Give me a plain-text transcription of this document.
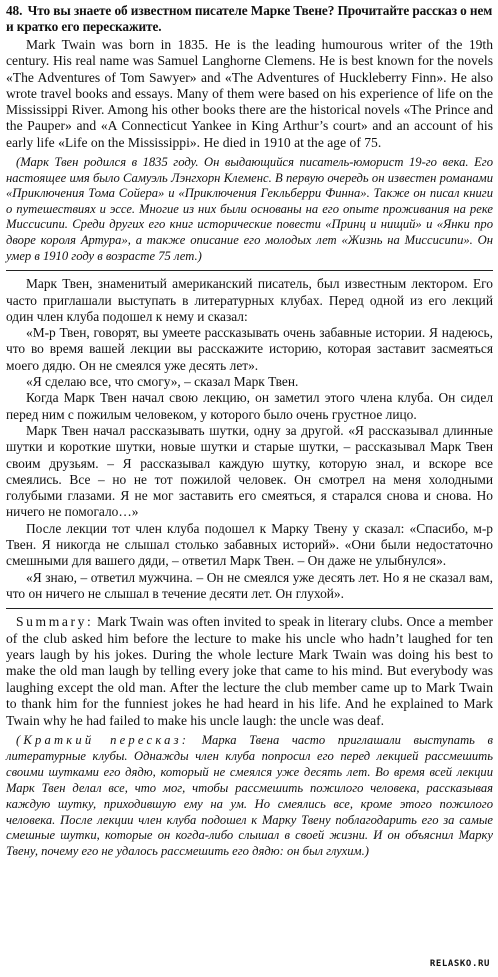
48. Что вы знаете об известном писателе Марке Твене? Прочитайте рассказ о нем и кратко его перескажите.

Mark Twain was born in 1835. He is the leading humourous writer of the 19th century. His real name was Samuel Langhorne Clemens. He is best known for the novels «The Adventures of Tom Sawyer» and «The Adventures of Huckleberry Finn». He also wrote travel books and essays. Many of them were based on his experience of life on the Mississippi River. Among his other books there are the historical novels «The Prince and the Pauper» and «A Connecticut Yankee in King Arthur’s court» and an account of his early life «Life on the Mississippi». He died in 1910 at the age of 75.

(Марк Твен родился в 1835 году. Он выдающийся писатель-юморист 19-го века. Его настоящее имя было Самуэль Лэнгхорн Клеменс. В первую очередь он известен романами «Приключения Тома Сойера» и «Приключения Гекльберри Финна». Также он писал книги о путешествиях и эссе. Многие из них были основаны на его опыте проживания на реке Миссисипи. Среди других его книг исторические повести «Принц и нищий» и «Янки про дворе короля Артура», а также описание его молодых лет «Жизнь на Миссисипи». Он умер в 1910 году в возрасте 75 лет.)

Марк Твен, знаменитый американский писатель, был известным лектором. Его часто приглашали выступать в литературных клубах. Перед одной из его лекций один член клуба подошел к нему и сказал:

«М-р Твен, говорят, вы умеете рассказывать очень забавные истории. Я надеюсь, что во время вашей лекции вы расскажите историю, которая заставит засмеяться моего дядю. Он не смеялся уже десять лет».

«Я сделаю все, что смогу», – сказал Марк Твен.

Когда Марк Твен начал свою лекцию, он заметил этого члена клуба. Он сидел перед ним с пожилым человеком, у которого было очень грустное лицо.

Марк Твен начал рассказывать шутки, одну за другой. «Я рассказывал длинные шутки и короткие шутки, новые шутки и старые шутки, – рассказывал Марк Твен своим друзьям. – Я рассказывал каждую шутку, которую знал, и вскоре все смеялись. Все – но не тот пожилой человек. Он смотрел на меня холодными голубыми глазами. Я не мог заставить его смеяться, я старался снова и снова. Но ничего не помогало…»

После лекции тот член клуба подошел к Марку Твену у сказал: «Спасибо, м-р Твен. Я никогда не слышал столько забавных историй». «Они были недостаточно смешными для вашего дяди, – ответил Марк Твен. – Он даже не улыбнулся».

«Я знаю, – ответил мужчина. – Он не смеялся уже десять лет. Но я не сказал вам, что он ничего не слышал в течение десяти лет. Он глухой».

Summary: Mark Twain was often invited to speak in literary clubs. Once a member of the club asked him before the lecture to make his uncle who hadn’t laughed for ten years laugh by his jokes. During the whole lecture Mark Twain was doing his best to make the old man laugh by telling every joke that came to his mind. But everybody was laughing except the old man. After the lecture the club member came up to Mark Twain to thank him for the funniest jokes he had heard in his life. And he explained to Mark Twain why he had failed to make his uncle laugh: the uncle was deaf.

(Краткий пересказ: Марка Твена часто приглашали выступать в литературные клубы. Однажды член клуба попросил его перед лекцией рассмешить своими шутками его дядю, который не смеялся уже десять лет. Во время всей лекции Марк Твен делал все, что мог, чтобы рассмешить пожилого человека, рассказывая каждую шутку, приходившую ему на ум. Но смеялись все, кроме этого пожилого человека. После лекции член клуба подошел к Марку Твену поблагодарить его за самые смешные шутки, которые он когда-либо слышал в своей жизни. И он объяснил Марку Твену, почему его не удалось рассмешить его дядю: он был глухим.)

RELASKO.RU
